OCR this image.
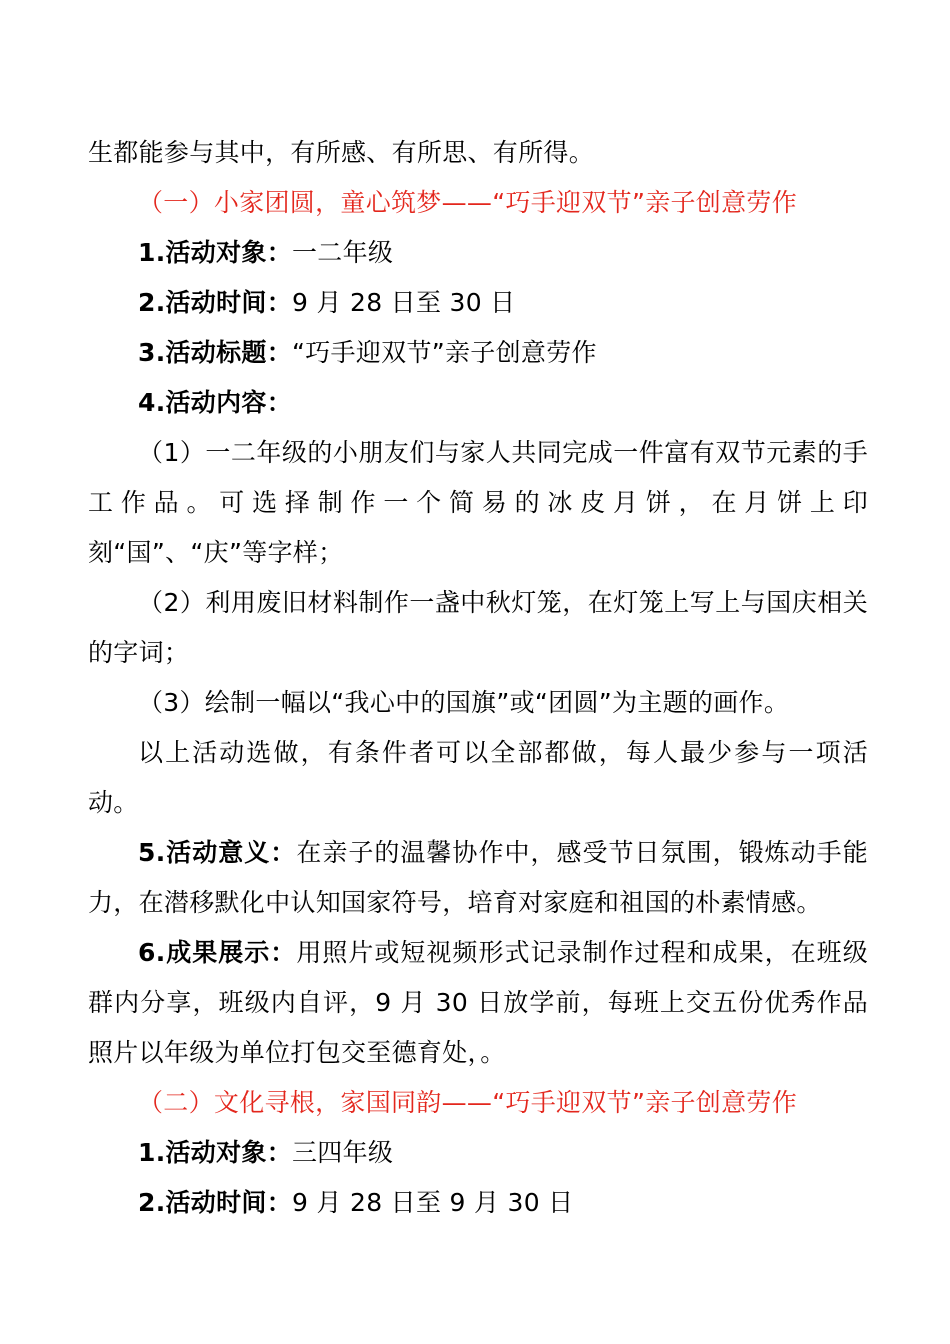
生都能参与其中，有所感、有所思、有所得。

（一）小家团圆，童心筑梦——“巧手迎双节”亲子创意劳作

1.活动对象：一二年级

2.活动时间：9 月 28 日至 30 日

3.活动标题：“巧手迎双节”亲子创意劳作

4.活动内容：

（1）一二年级的小朋友们与家人共同完成一件富有双节元素的手工作品。可选择制作一个简易的冰皮月饼，在月饼上印刻“国”、“庆”等字样；

（2）利用废旧材料制作一盏中秋灯笼，在灯笼上写上与国庆相关的字词；

（3）绘制一幅以“我心中的国旗”或“团圆”为主题的画作。

以上活动选做，有条件者可以全部都做，每人最少参与一项活动。

5.活动意义：在亲子的温馨协作中，感受节日氛围，锻炼动手能力，在潜移默化中认知国家符号，培育对家庭和祖国的朴素情感。

6.成果展示：用照片或短视频形式记录制作过程和成果，在班级群内分享，班级内自评，9 月 30 日放学前，每班上交五份优秀作品照片以年级为单位打包交至德育处，。

（二）文化寻根，家国同韵——“巧手迎双节”亲子创意劳作

1.活动对象：三四年级

2.活动时间：9 月 28 日至 9 月 30 日
